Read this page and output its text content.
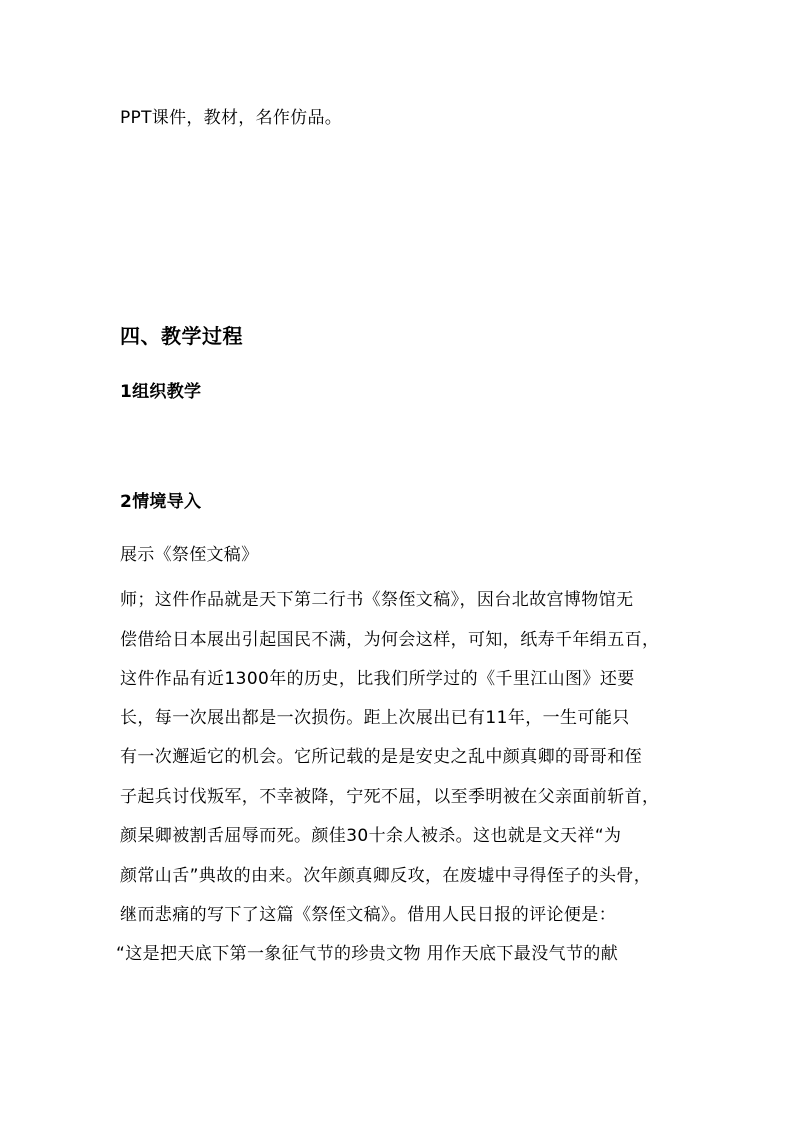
PPT课件，教材，名作仿品。
四、教学过程
1组织教学
2情境导入
展示《祭侄文稿》
师；这件作品就是天下第二行书《祭侄文稿》，因台北故宫博物馆无
偿借给日本展出引起国民不满，为何会这样，可知，纸寿千年绢五百，
这件作品有近1300年的历史，比我们所学过的《千里江山图》还要
长，每一次展出都是一次损伤。距上次展出已有11年，一生可能只
有一次邂逅它的机会。它所记载的是是安史之乱中颜真卿的哥哥和侄
子起兵讨伐叛军，不幸被降，宁死不屈，以至季明被在父亲面前斩首，
颜杲卿被割舌屈辱而死。颜佳30十余人被杀。这也就是文天祥“为
颜常山舌”典故的由来。次年颜真卿反攻，在废墟中寻得侄子的头骨，
继而悲痛的写下了这篇《祭侄文稿》。借用人民日报的评论便是：
“这是把天底下第一象征气节的珍贵文物 用作天底下最没气节的献
